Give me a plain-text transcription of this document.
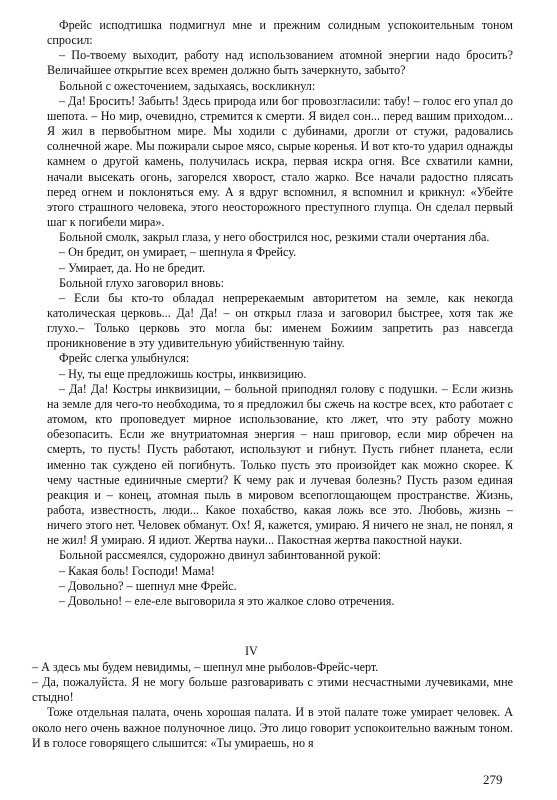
Фрейс исподтишка подмигнул мне и прежним солидным успокоительным тоном спросил:

– По-твоему выходит, работу над использованием атомной энергии надо бросить? Величайшее открытие всех времен должно быть зачеркнуто, забыто?

Больной с ожесточением, задыхаясь, воскликнул:

– Да! Бросить! Забыть! Здесь природа или бог провозгласили: табу! – голос его упал до шепота. – Но мир, очевидно, стремится к смерти. Я видел сон... перед вашим приходом... Я жил в первобытном мире. Мы ходили с дубинами, дрогли от стужи, радовались солнечной жаре. Мы пожирали сырое мясо, сырые коренья. И вот кто-то ударил однажды камнем о другой камень, получилась искра, первая искра огня. Все схватили камни, начали высекать огонь, загорелся хворост, стало жарко. Все начали радостно плясать перед огнем и поклоняться ему. А я вдруг вспомнил, я вспомнил и крикнул: «Убейте этого страшного человека, этого неосторожного преступного глупца. Он сделал первый шаг к погибели мира».

Больной смолк, закрыл глаза, у него обострился нос, резкими стали очертания лба.

– Он бредит, он умирает, – шепнула я Фрейсу.

– Умирает, да. Но не бредит.

Больной глухо заговорил вновь:

– Если бы кто-то обладал непререкаемым авторитетом на земле, как некогда католическая церковь... Да! Да! – он открыл глаза и заговорил быстрее, хотя так же глухо.– Только церковь это могла бы: именем Божиим запретить раз навсегда проникновение в эту удивительную убийственную тайну.

Фрейс слегка улыбнулся:

– Ну, ты еще предложишь костры, инквизицию.

– Да! Да! Костры инквизиции, – больной приподнял голову с подушки. – Если жизнь на земле для чего-то необходима, то я предложил бы сжечь на костре всех, кто работает с атомом, кто проповедует мирное использование, кто лжет, что эту работу можно обезопасить. Если же внутриатомная энергия – наш приговор, если мир обречен на смерть, то пусть! Пусть работают, используют и гибнут. Пусть гибнет планета, если именно так суждено ей погибнуть. Только пусть это произойдет как можно скорее. К чему частные единичные смерти? К чему рак и лучевая болезнь? Пусть разом единая реакция и – конец, атомная пыль в мировом всепоглощающем пространстве. Жизнь, работа, известность, люди... Какое похабство, какая ложь все это. Любовь, жизнь – ничего этого нет. Человек обманут. Ох! Я, кажется, умираю. Я ничего не знал, не понял, я не жил! Я умираю. Я идиот. Жертва науки... Пакостная жертва пакостной науки.

Больной рассмеялся, судорожно двинул забинтованной рукой:

– Какая боль! Господи! Мама!

– Довольно? – шепнул мне Фрейс.

– Довольно! – еле-еле выговорила я это жалкое слово отречения.

IV

– А здесь мы будем невидимы, – шепнул мне рыболов-Фрейс-черт.

– Да, пожалуйста. Я не могу больше разговаривать с этими несчастными лучевиками, мне стыдно!

Тоже отдельная палата, очень хорошая палата. И в этой палате тоже умирает человек. А около него очень важное полуночное лицо. Это лицо говорит успокоительно важным тоном. И в голосе говорящего слышится: «Ты умираешь, но я

279
